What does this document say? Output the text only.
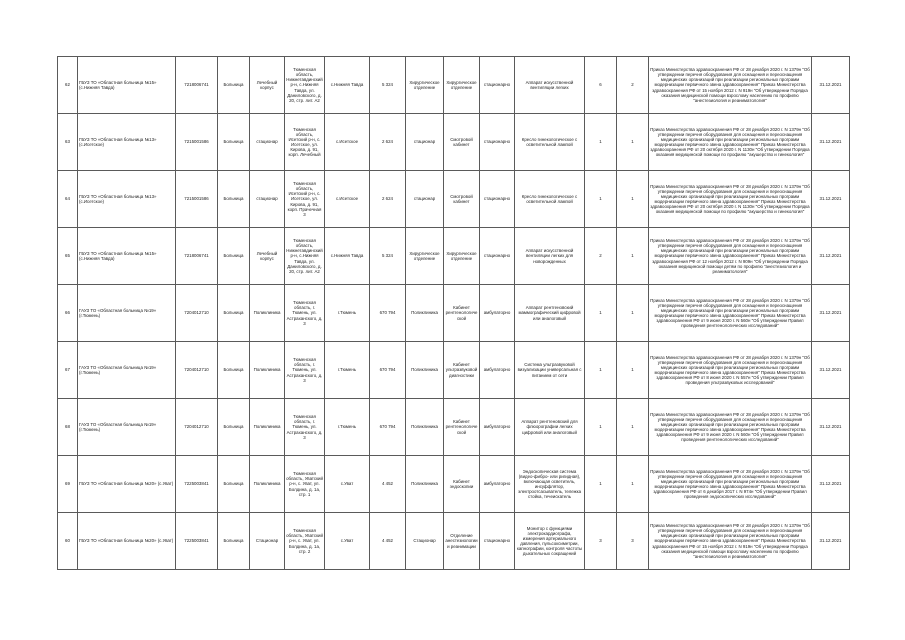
62	ГБУЗ ТО «Областная больница №15» (с.Нижняя Тавда)	7218006741	Больница	Лечебный корпус	Тюменская область, Нижнетавдинский р-н, с.Нижняя Тавда, ул. Даниловского, д. 20, стр. лит. А2	с.Нижняя Тавда	5 324	Хирургическое отделение	Хирургическое отделение	стационарно	Аппарат искусственной вентиляции легких	6	2	Приказ Министерства здравоохранения РФ от 28 декабря 2020 г. N 1379н "Об утверждении перечня оборудования для оснащения и переоснащения медицинских организаций при реализации региональных программ модернизации первичного звена здравоохранения" Приказ Министерства здравоохранения РФ от 15 ноября 2012 г. N 919н "Об утверждении Порядка оказания медицинской помощи взрослому населению по профилю "анестезиология и реаниматология"	31.12.2021
63	ГБУЗ ТО «Областная больница №13» (с.Исетское)	7215001586	Больница	стационар	Тюменская область, Исетский р-н, с. Исетское, ул. Кирова, д. 91, корп. Лечебный	с.Исетское	2 624	стационар	Смотровой кабинет	стационарно	Кресло гинекологическое с осветительной лампой	1	1	Приказ Министерства здравоохранения РФ от 28 декабря 2020 г. N 1379н "Об утверждении перечня оборудования для оснащения и переоснащения медицинских организаций при реализации региональных программ модернизации первичного звена здравоохранения" Приказ Министерства здравоохранения РФ от 20 октября 2020 г. N 1130н "Об утверждении Порядка оказания медицинской помощи по профилю "акушерство и гинекология"	31.12.2021
64	ГБУЗ ТО «Областная больница №13» (с.Исетское)	7215001586	Больница	стационар	Тюменская область, Исетский р-н, с. Исетское, ул. Кирова, д. 91, корп. Прачечная 3	с.Исетское	2 624	стационар	Смотровой кабинет	стационарно	Кресло гинекологическое с осветительной лампой	1	1	Приказ Министерства здравоохранения РФ от 28 декабря 2020 г. N 1379н "Об утверждении перечня оборудования для оснащения и переоснащения медицинских организаций при реализации региональных программ модернизации первичного звена здравоохранения" Приказ Министерства здравоохранения РФ от 20 октября 2020 г. N 1130н "Об утверждении Порядка оказания медицинской помощи по профилю "акушерство и гинекология"	31.12.2021
65	ГБУЗ ТО «Областная больница №15» (с.Нижняя Тавда)	7218006741	Больница	Лечебный корпус	Тюменская область, Нижнетавдинский р-н, с.Нижняя Тавда, ул. Даниловского, д. 20, стр. лит. А2	с.Нижняя Тавда	5 324	Хирургическое отделение	Хирургическое отделение	стационарно	Аппарат искусственной вентиляции легких для новорожденных	2	1	Приказ Министерства здравоохранения РФ от 28 декабря 2020 г. N 1379н "Об утверждении перечня оборудования для оснащения и переоснащения медицинских организаций при реализации региональных программ модернизации первичного звена здравоохранения" Приказ Министерства здравоохранения РФ от 12 ноября 2012 г. N 909н "Об утверждении Порядка оказания медицинской помощи детям по профилю "анестезиология и реаниматология"	31.12.2021
66	ГАУЗ ТО «Областная больница №19» (г.Тюмень)	7204012710	Больница	Поликлиника	Тюменская область, г. Тюмень, ул. Астраханского, д. 3	г.Тюмень	670 794	Поликлиника	Кабинет рентгенологической	амбулаторно	Аппарат рентгеновский маммографический цифровой или аналоговый	1	1	Приказ Министерства здравоохранения РФ от 28 декабря 2020 г. N 1379н "Об утверждении перечня оборудования для оснащения и переоснащения медицинских организаций при реализации региональных программ модернизации первичного звена здравоохранения" Приказ Министерства здравоохранения РФ от 9 июня 2020 г. N 560н "Об утверждении Правил проведения рентгенологических исследований"	31.12.2021
67	ГАУЗ ТО «Областная больница №19» (г.Тюмень)	7204012710	Больница	Поликлиника	Тюменская область, г. Тюмень, ул. Астраханского, д. 3	г.Тюмень	670 794	Поликлиника	Кабинет ультразвуковой диагностики	амбулаторно	Система ультразвуковой визуализации универсальная с питанием от сети	1	1	Приказ Министерства здравоохранения РФ от 28 декабря 2020 г. N 1379н "Об утверждении перечня оборудования для оснащения и переоснащения медицинских организаций при реализации региональных программ модернизации первичного звена здравоохранения" Приказ Министерства здравоохранения РФ от 8 июня 2020 г. N 557н "Об утверждении Правил проведения ультразвуковых исследований"	31.12.2021
68	ГАУЗ ТО «Областная больница №19» (г.Тюмень)	7204012710	Больница	Поликлиника	Тюменская область, г. Тюмень, ул. Астраханского, д. 3	г.Тюмень	670 794	Поликлиника	Кабинет рентгенологической	амбулаторно	Аппарат рентгеновский для флюорографии легких цифровой или аналоговый	1	1	Приказ Министерства здравоохранения РФ от 28 декабря 2020 г. N 1379н "Об утверждении перечня оборудования для оснащения и переоснащения медицинских организаций при реализации региональных программ модернизации первичного звена здравоохранения" Приказ Министерства здравоохранения РФ от 9 июня 2020 г. N 560н "Об утверждении Правил проведения рентгенологических исследований"	31.12.2021
69	ГБУЗ ТО «Областная больница №20» (с.Уват)	7225003841	Больница	Поликлиника	Тюменская область, Уватский р-н, с. Уват, ул. Болдина, д. 1а, стр. 1	с.Уват	4 452	Поликлиника	Кабинет эндоскопии	амбулаторно	Эндоскопическая система (видео-фибро- или ригидная), включающая осветитель, инсуффлятор, электроотсасыватель, тележка стойка, течеискатель	1	1	Приказ Министерства здравоохранения РФ от 28 декабря 2020 г. N 1379н "Об утверждении перечня оборудования для оснащения и переоснащения медицинских организаций при реализации региональных программ модернизации первичного звена здравоохранения" Приказ Министерства здравоохранения РФ от 6 декабря 2017 г. N 974н "Об утверждении Правил проведения эндоскопических исследований"	31.12.2021
60	ГБУЗ ТО «Областная больница №20» (с.Уват)	7225003841	Больница	Стационар	Тюменская область, Уватский р-н, с. Уват, ул. Болдина, д. 1а, стр. 2	с.Уват	4 452	Стационар	Отделение анестезиологии и реанимации	стационарно	Монитор с функциями электрокардиографа, измерения артериального давления, пульсоксиметрии, капнографии, контроля частоты дыхательных сокращений	3	3	Приказ Министерства здравоохранения РФ от 28 декабря 2020 г. N 1379н "Об утверждении перечня оборудования для оснащения и переоснащения медицинских организаций при реализации региональных программ модернизации первичного звена здравоохранения" Приказ Министерства здравоохранения РФ от 15 ноября 2012 г. N 919н "Об утверждении Порядка оказания медицинской помощи взрослому населению по профилю "анестезиология и реаниматология"	31.12.2021
